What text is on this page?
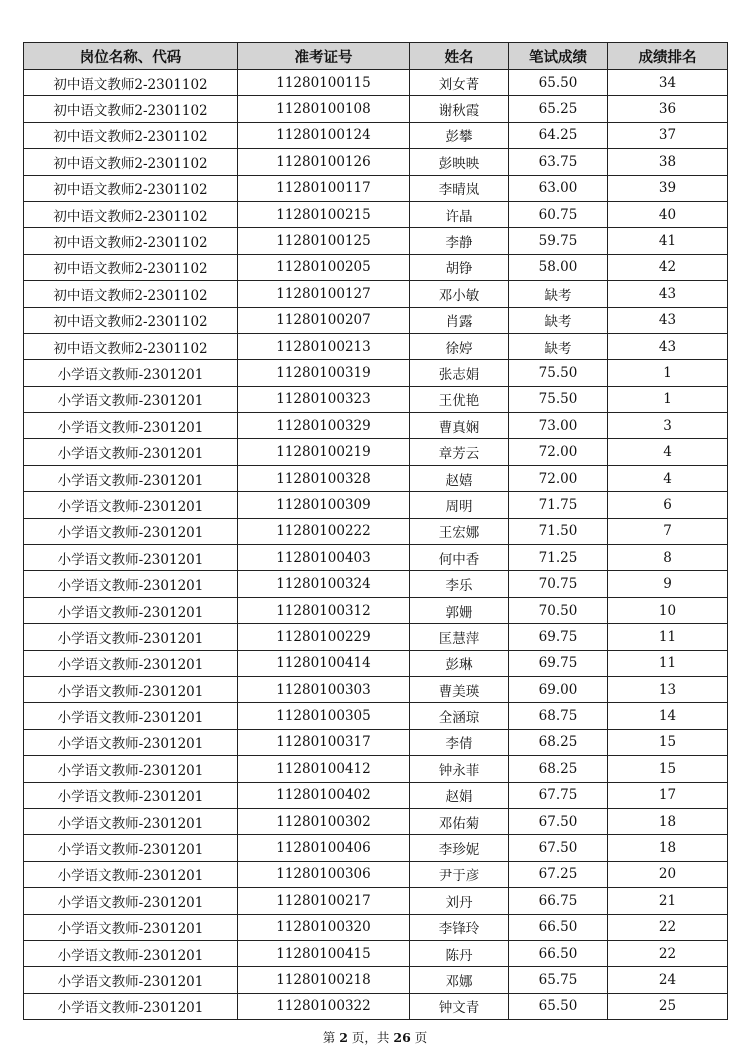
岗位名称、代码	准考证号	姓名	笔试成绩	成绩排名
初中语文教师2-2301102	11280100115	刘女菁	65.50	34
初中语文教师2-2301102	11280100108	谢秋霞	65.25	36
初中语文教师2-2301102	11280100124	彭攀	64.25	37
初中语文教师2-2301102	11280100126	彭映映	63.75	38
初中语文教师2-2301102	11280100117	李晴岚	63.00	39
初中语文教师2-2301102	11280100215	许晶	60.75	40
初中语文教师2-2301102	11280100125	李静	59.75	41
初中语文教师2-2301102	11280100205	胡铮	58.00	42
初中语文教师2-2301102	11280100127	邓小敏	缺考	43
初中语文教师2-2301102	11280100207	肖露	缺考	43
初中语文教师2-2301102	11280100213	徐婷	缺考	43
小学语文教师-2301201	11280100319	张志娟	75.50	1
小学语文教师-2301201	11280100323	王优艳	75.50	1
小学语文教师-2301201	11280100329	曹真娴	73.00	3
小学语文教师-2301201	11280100219	章芳云	72.00	4
小学语文教师-2301201	11280100328	赵嬉	72.00	4
小学语文教师-2301201	11280100309	周明	71.75	6
小学语文教师-2301201	11280100222	王宏娜	71.50	7
小学语文教师-2301201	11280100403	何中香	71.25	8
小学语文教师-2301201	11280100324	李乐	70.75	9
小学语文教师-2301201	11280100312	郭姗	70.50	10
小学语文教师-2301201	11280100229	匡慧萍	69.75	11
小学语文教师-2301201	11280100414	彭琳	69.75	11
小学语文教师-2301201	11280100303	曹美瑛	69.00	13
小学语文教师-2301201	11280100305	全涵琼	68.75	14
小学语文教师-2301201	11280100317	李倩	68.25	15
小学语文教师-2301201	11280100412	钟永菲	68.25	15
小学语文教师-2301201	11280100402	赵娟	67.75	17
小学语文教师-2301201	11280100302	邓佑菊	67.50	18
小学语文教师-2301201	11280100406	李珍妮	67.50	18
小学语文教师-2301201	11280100306	尹于彦	67.25	20
小学语文教师-2301201	11280100217	刘丹	66.75	21
小学语文教师-2301201	11280100320	李锋玲	66.50	22
小学语文教师-2301201	11280100415	陈丹	66.50	22
小学语文教师-2301201	11280100218	邓娜	65.75	24
小学语文教师-2301201	11280100322	钟文青	65.50	25
第 2 页，共 26 页
